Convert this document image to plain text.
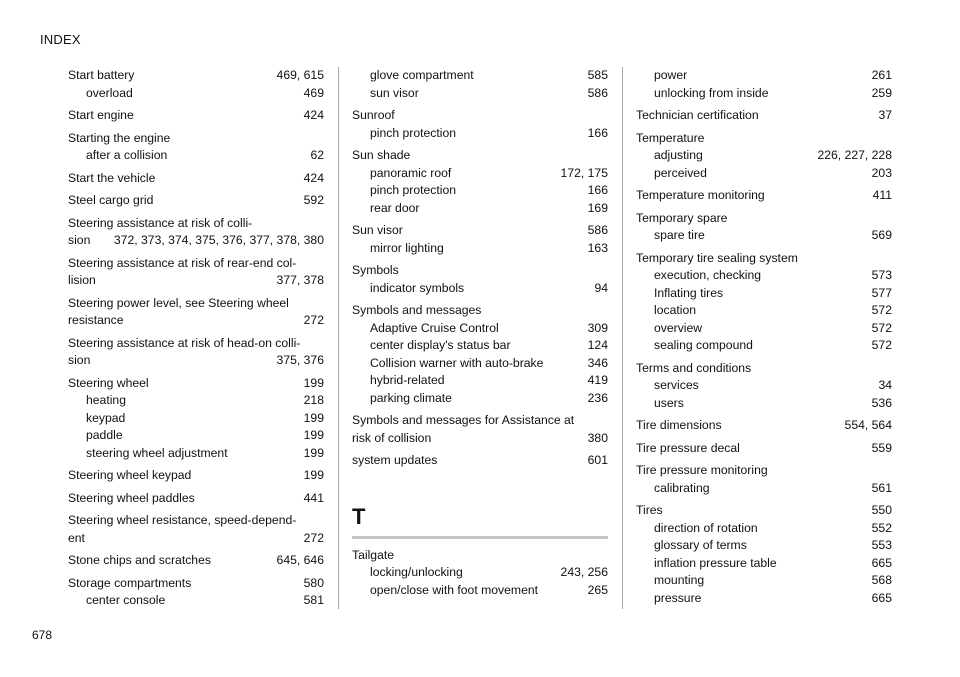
INDEX
Start battery	469, 615
overload	469
Start engine	424
Starting the engine
after a collision	62
Start the vehicle	424
Steel cargo grid	592
Steering assistance at risk of colli-
sion	372, 373, 374, 375, 376, 377, 378, 380
Steering assistance at risk of rear-end col-
lision	377, 378
Steering power level, see Steering wheel
resistance	272
Steering assistance at risk of head-on colli-
sion	375, 376
Steering wheel	199
heating	218
keypad	199
paddle	199
steering wheel adjustment	199
Steering wheel keypad	199
Steering wheel paddles	441
Steering wheel resistance, speed-depend-
ent	272
Stone chips and scratches	645, 646
Storage compartments	580
center console	581
glove compartment	585
sun visor	586
Sunroof
pinch protection	166
Sun shade
panoramic roof	172, 175
pinch protection	166
rear door	169
Sun visor	586
mirror lighting	163
Symbols
indicator symbols	94
Symbols and messages
Adaptive Cruise Control	309
center display's status bar	124
Collision warner with auto-brake	346
hybrid-related	419
parking climate	236
Symbols and messages for Assistance at
risk of collision	380
system updates	601
T
Tailgate
locking/unlocking	243, 256
open/close with foot movement	265
power	261
unlocking from inside	259
Technician certification	37
Temperature
adjusting	226, 227, 228
perceived	203
Temperature monitoring	411
Temporary spare
spare tire	569
Temporary tire sealing system
execution, checking	573
Inflating tires	577
location	572
overview	572
sealing compound	572
Terms and conditions
services	34
users	536
Tire dimensions	554, 564
Tire pressure decal	559
Tire pressure monitoring
calibrating	561
Tires	550
direction of rotation	552
glossary of terms	553
inflation pressure table	665
mounting	568
pressure	665
678
